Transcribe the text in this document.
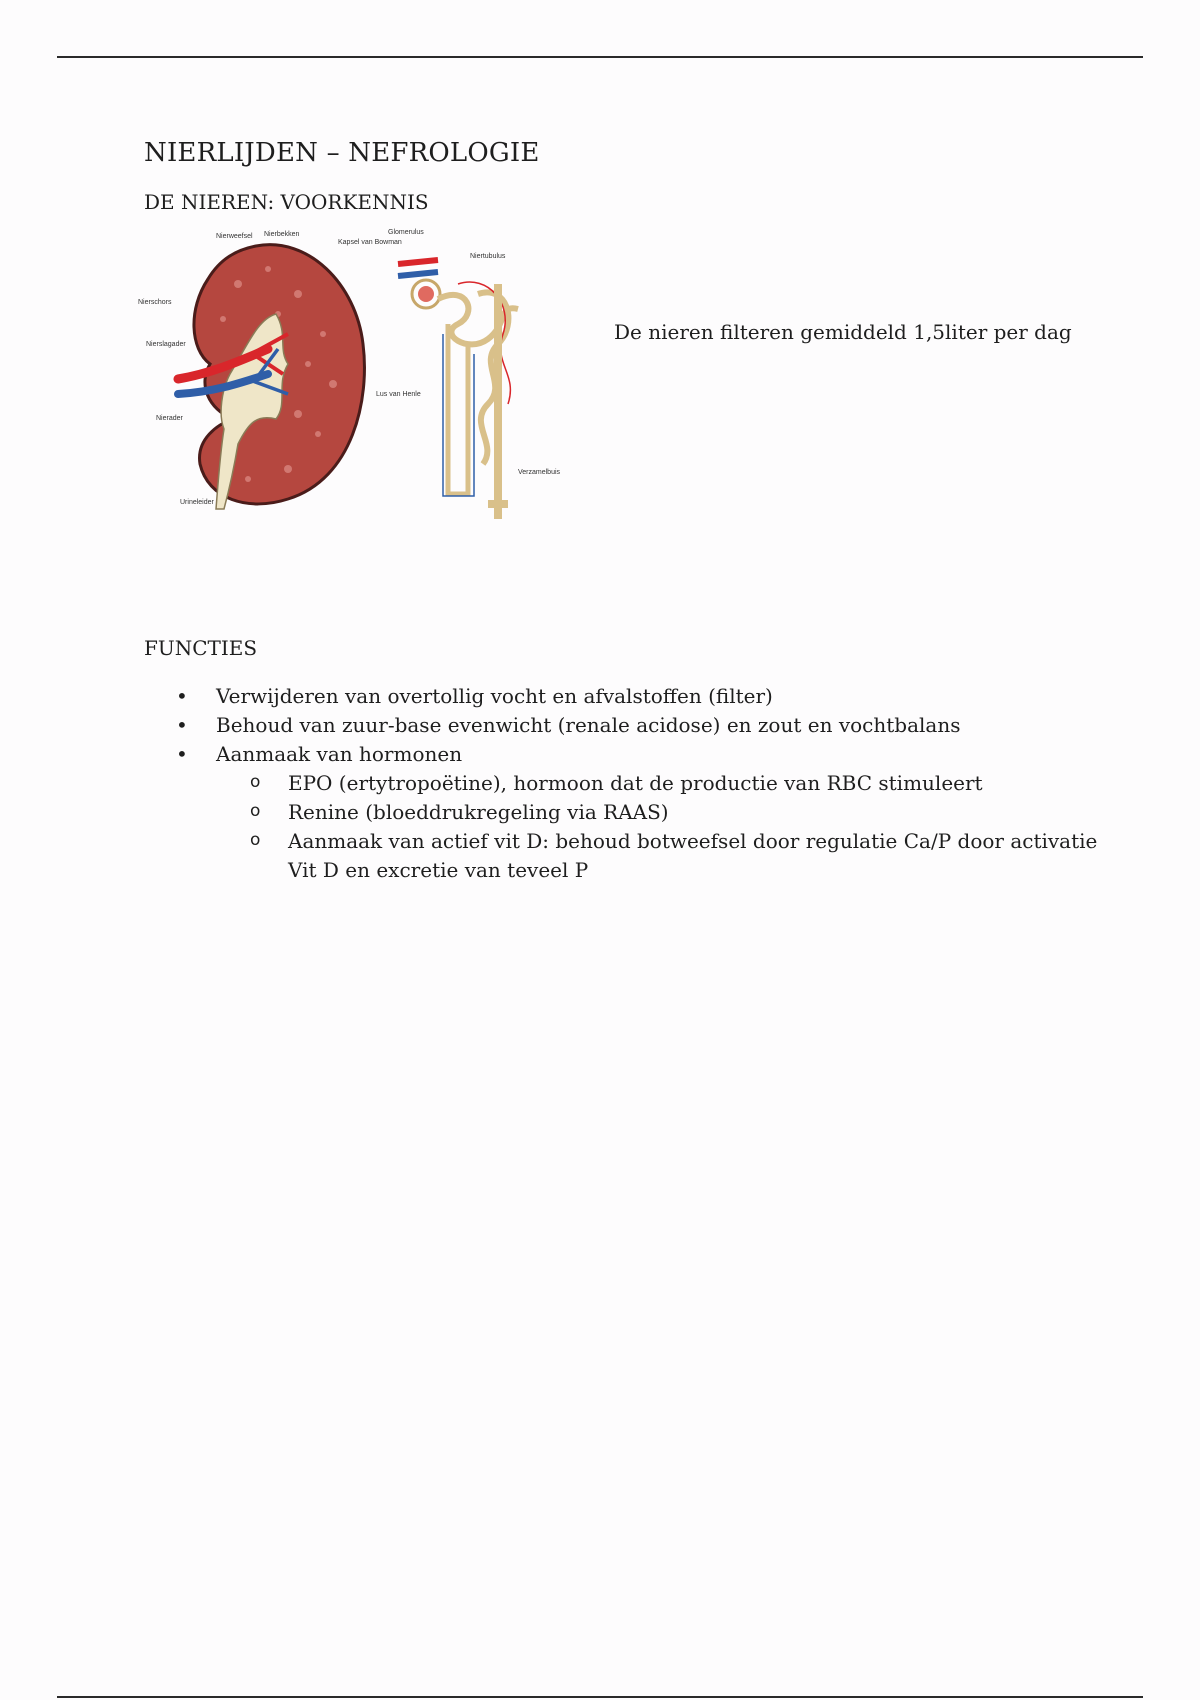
NIERLIJDEN – NEFROLOGIE
DE NIEREN: VOORKENNIS
Nierweefsel Nierbekken
Nierschors
Nierslagader
Nierader
Urineleider
Glomerulus
Kapsel van Bowman
Niertubulus
Lus van Henle
Verzamelbuis
De nieren filteren gemiddeld 1,5liter per dag
FUNCTIES
• Verwijderen van overtollig vocht en afvalstoffen (filter)
• Behoud van zuur-base evenwicht (renale acidose) en zout en vochtbalans
• Aanmaak van hormonen
o EPO (ertytropoëtine), hormoon dat de productie van RBC stimuleert
o Renine (bloeddrukregeling via RAAS)
o Aanmaak van actief vit D: behoud botweefsel door regulatie Ca/P door activatie Vit D en excretie van teveel P
